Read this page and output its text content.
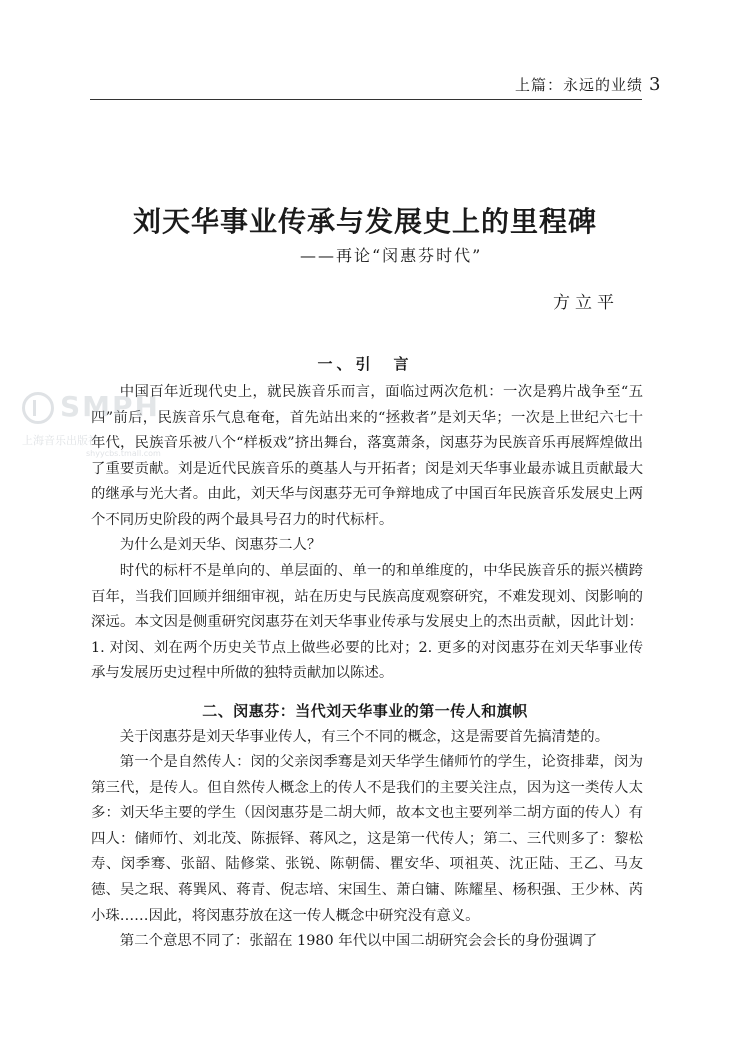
上篇：永远的业绩 3
刘天华事业传承与发展史上的里程碑
——再论“闵惠芬时代”
方立平
一、引　言

中国百年近现代史上，就民族音乐而言，面临过两次危机：一次是鸦片战争至“五四”前后，民族音乐气息奄奄，首先站出来的“拯救者”是刘天华；一次是上世纪六七十年代，民族音乐被八个“样板戏”挤出舞台，落寞萧条，闵惠芬为民族音乐再展辉煌做出了重要贡献。刘是近代民族音乐的奠基人与开拓者；闵是刘天华事业最赤诚且贡献最大的继承与光大者。由此，刘天华与闵惠芬无可争辩地成了中国百年民族音乐发展史上两个不同历史阶段的两个最具号召力的时代标杆。

为什么是刘天华、闵惠芬二人？

时代的标杆不是单向的、单层面的、单一的和单维度的，中华民族音乐的振兴横跨百年，当我们回顾并细细审视，站在历史与民族高度观察研究，不难发现刘、闵影响的深远。本文因是侧重研究闵惠芬在刘天华事业传承与发展史上的杰出贡献，因此计划：1. 对闵、刘在两个历史关节点上做些必要的比对；2. 更多的对闵惠芬在刘天华事业传承与发展历史过程中所做的独特贡献加以陈述。

二、闵惠芬：当代刘天华事业的第一传人和旗帜

关于闵惠芬是刘天华事业传人，有三个不同的概念，这是需要首先搞清楚的。

第一个是自然传人：闵的父亲闵季骞是刘天华学生储师竹的学生，论资排辈，闵为第三代，是传人。但自然传人概念上的传人不是我们的主要关注点，因为这一类传人太多：刘天华主要的学生（因闵惠芬是二胡大师，故本文也主要列举二胡方面的传人）有四人：储师竹、刘北茂、陈振铎、蒋风之，这是第一代传人；第二、三代则多了：黎松寿、闵季骞、张韶、陆修棠、张锐、陈朝儒、瞿安华、项祖英、沈正陆、王乙、马友德、吴之珉、蒋巽风、蒋青、倪志培、宋国生、萧白镛、陈耀星、杨积强、王少林、芮小珠……因此，将闵惠芬放在这一传人概念中研究没有意义。

第二个意思不同了：张韶在 1980 年代以中国二胡研究会会长的身份强调了

SMPH
上海音乐出版社
shyycbs.tmall.com
